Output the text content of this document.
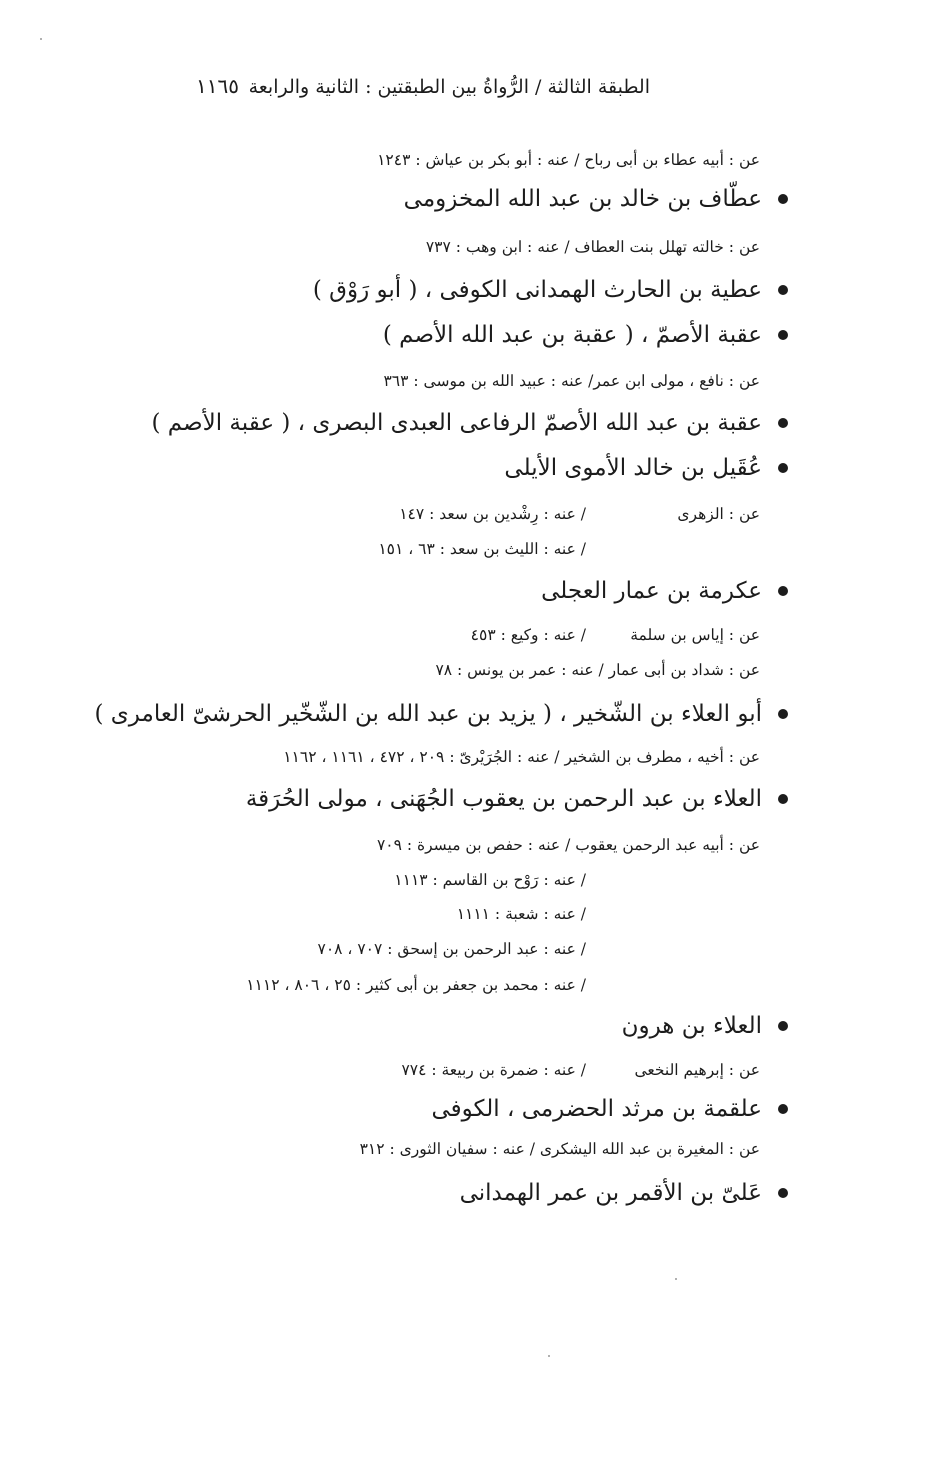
الطبقة الثالثة / الرُّواةُ بين الطبقتين : الثانية والرابعة
١١٦٥
عن : أبيه عطاء بن أبى رباح / عنه : أبو بكر بن عياش : ١٢٤٣
عطّاف بن خالد بن عبد الله المخزومى
عن : خالته تهلل بنت العطاف / عنه : ابن وهب : ٧٣٧
عطية بن الحارث الهمدانى الكوفى ، ( أبو رَوْق )
عقبة الأصمّ ، ( عقبة بن عبد الله الأصم )
عن : نافع ، مولى ابن عمر/ عنه : عبيد الله بن موسى : ٣٦٣
عقبة بن عبد الله الأصمّ الرفاعى العبدى البصرى ، ( عقبة الأصم )
عُقَيل بن خالد الأموى الأيلى
عن : الزهرى
/ عنه : رِشْدين بن سعد : ١٤٧
/ عنه : الليث بن سعد : ٦٣ ، ١٥١
عكرمة بن عمار العجلى
عن : إياس بن سلمة
/ عنه : وكيع : ٤٥٣
عن : شداد بن أبى عمار / عنه : عمر بن يونس : ٧٨
أبو العلاء بن الشّخير ، ( يزيد بن عبد الله بن الشّخّير الحرشىّ العامرى )
عن : أخيه ، مطرف بن الشخير / عنه : الجُرَيْرىّ : ٢٠٩ ، ٤٧٢ ، ١١٦١ ، ١١٦٢
العلاء بن عبد الرحمن بن يعقوب الجُهَنى ، مولى الحُرَقة
عن : أبيه عبد الرحمن يعقوب / عنه : حفص بن ميسرة : ٧٠٩
/ عنه : رَوْح بن القاسم : ١١١٣
/ عنه : شعبة : ١١١١
/ عنه : عبد الرحمن بن إسحق : ٧٠٧ ، ٧٠٨
/ عنه : محمد بن جعفر بن أبى كثير : ٢٥ ، ٨٠٦ ، ١١١٢
العلاء بن هرون
عن : إبرهيم النخعى
/ عنه : ضمرة بن ربيعة : ٧٧٤
علقمة بن مرثد الحضرمى ، الكوفى
عن : المغيرة بن عبد الله اليشكرى / عنه : سفيان الثورى : ٣١٢
عَلىّ بن الأقمر بن عمر الهمدانى
